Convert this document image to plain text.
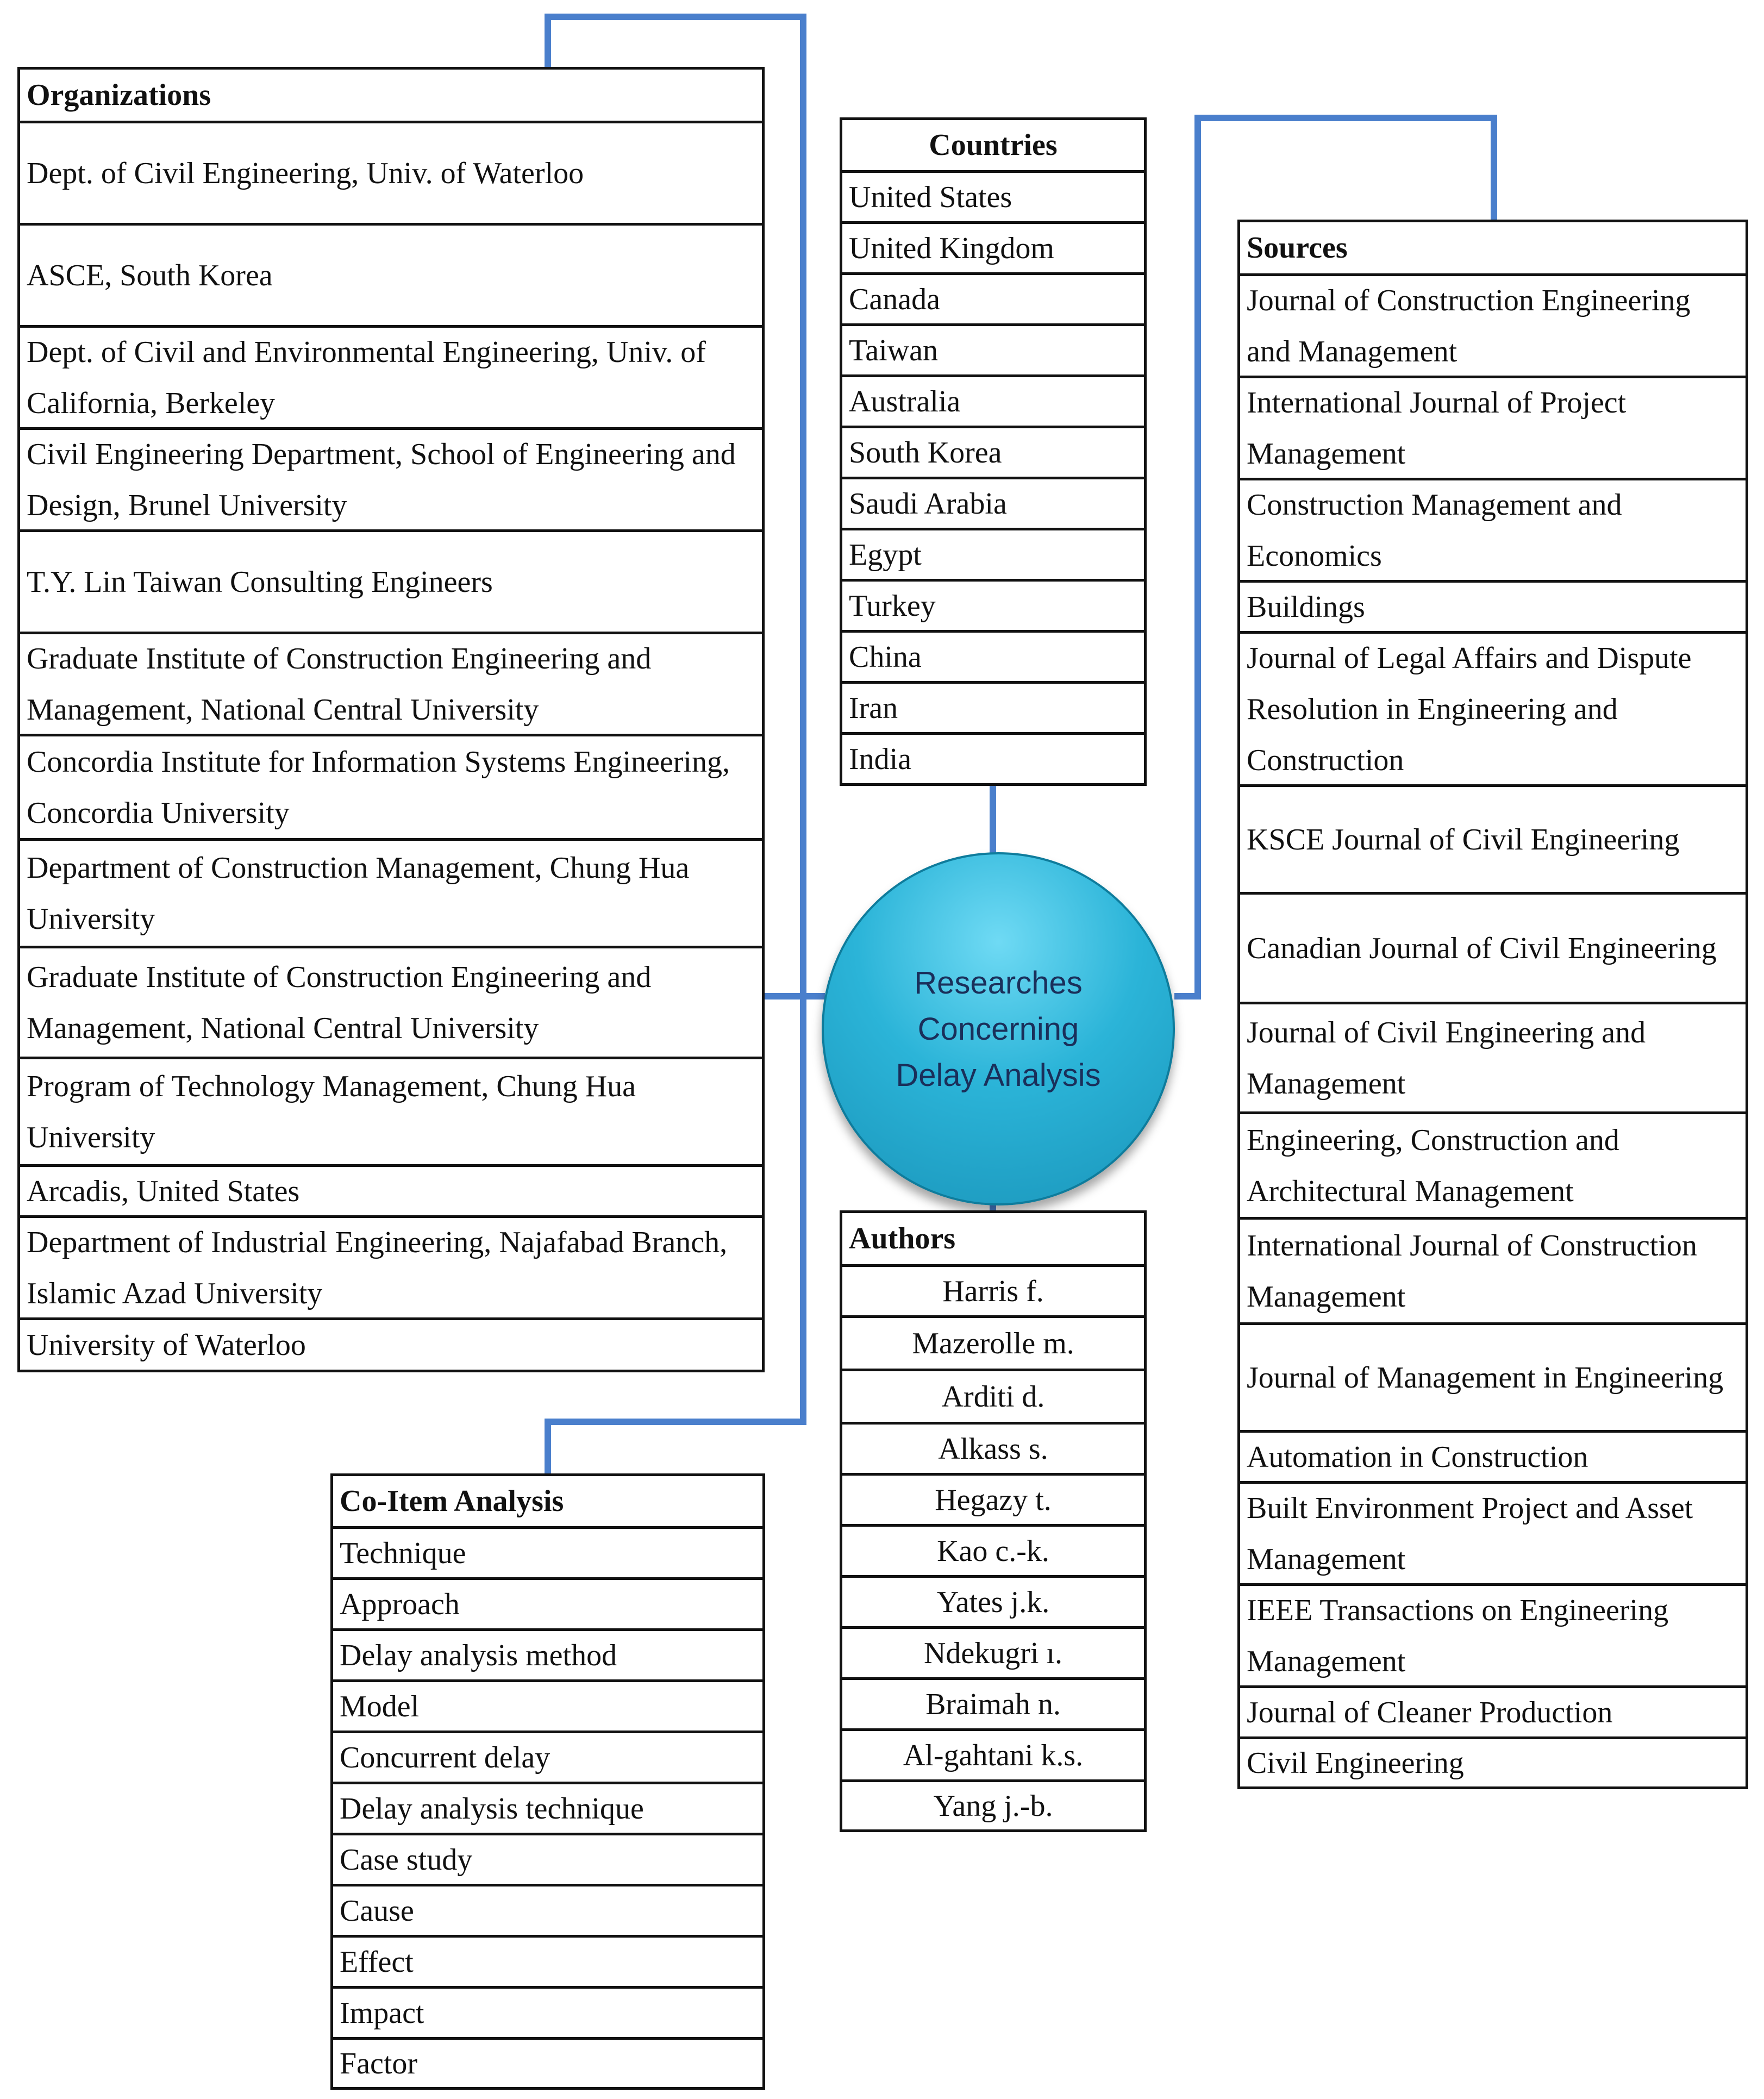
Organizations
Dept. of Civil Engineering, Univ. of Waterloo
ASCE, South Korea
Dept. of Civil and Environmental Engineering, Univ. of California, Berkeley
Civil Engineering Department, School of Engineering and Design, Brunel University
T.Y. Lin Taiwan Consulting Engineers
Graduate Institute of Construction Engineering and Management, National Central University
Concordia Institute for Information Systems Engineering, Concordia University
Department of Construction Management, Chung Hua University
Graduate Institute of Construction Engineering and Management, National Central University
Program of Technology Management, Chung Hua University
Arcadis, United States
Department of Industrial Engineering, Najafabad Branch, Islamic Azad University
University of Waterloo
Countries
United States
United Kingdom
Canada
Taiwan
Australia
South Korea
Saudi Arabia
Egypt
Turkey
China
Iran
India
Researches Concerning Delay Analysis
Sources
Journal of Construction Engineering and Management
International Journal of Project Management
Construction Management and Economics
Buildings
Journal of Legal Affairs and Dispute Resolution in Engineering and Construction
KSCE Journal of Civil Engineering
Canadian Journal of Civil Engineering
Journal of Civil Engineering and Management
Engineering, Construction and Architectural Management
International Journal of Construction Management
Journal of Management in Engineering
Automation in Construction
Built Environment Project and Asset Management
IEEE Transactions on Engineering Management
Journal of Cleaner Production
Civil Engineering
Authors
Harris f.
Mazerolle m.
Arditi d.
Alkass s.
Hegazy t.
Kao c.-k.
Yates j.k.
Ndekugri ı.
Braimah n.
Al-gahtani k.s.
Yang j.-b.
Co-Item Analysis
Technique
Approach
Delay analysis method
Model
Concurrent delay
Delay analysis technique
Case study
Cause
Effect
Impact
Factor
